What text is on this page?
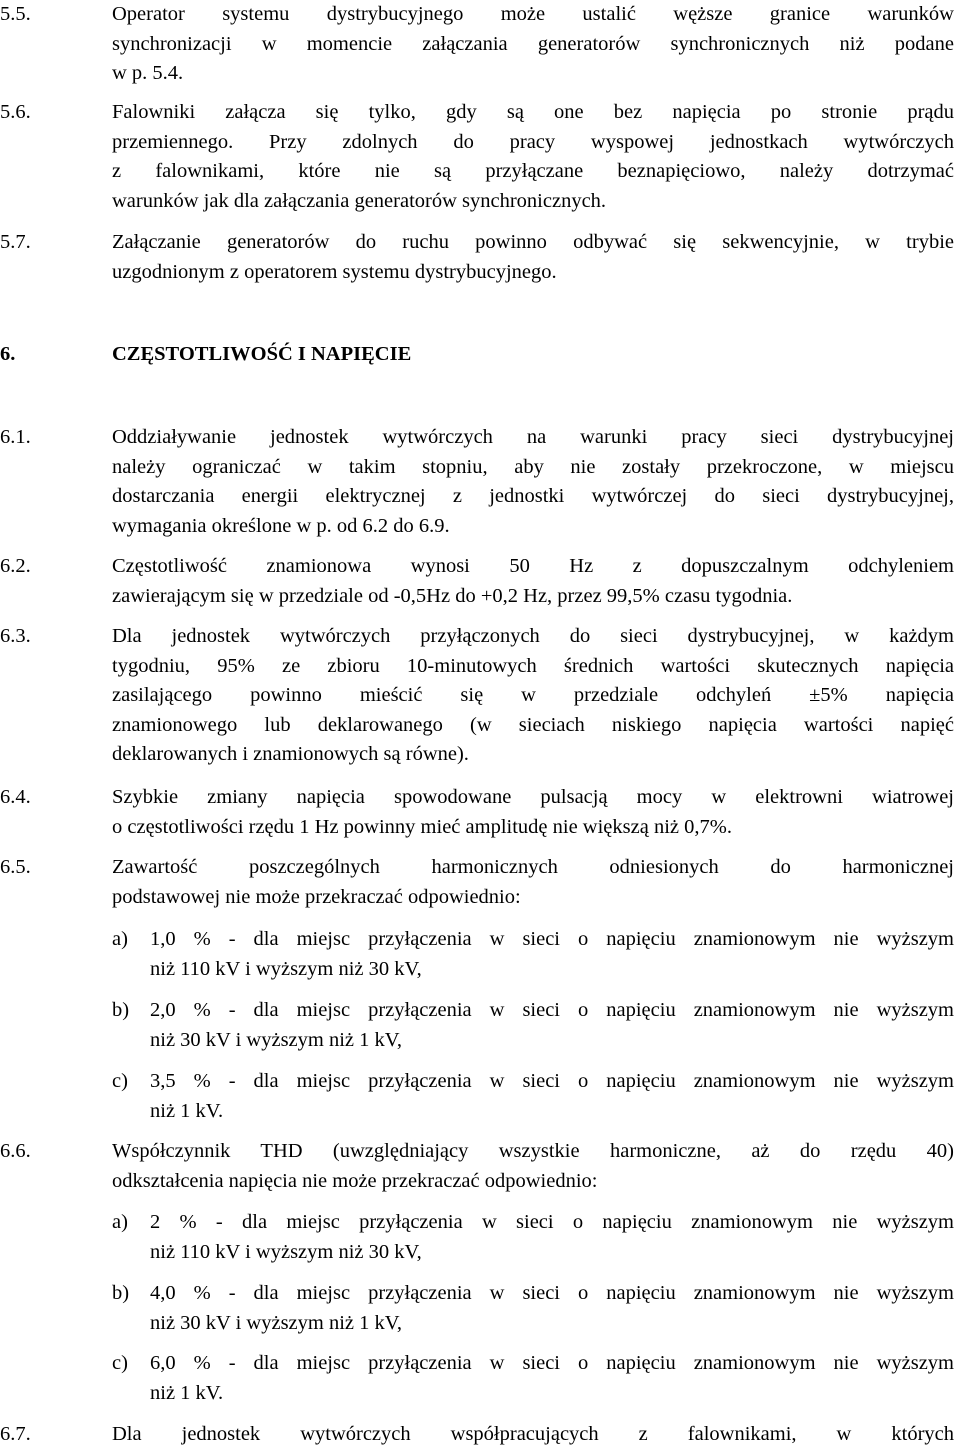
5.5.	Operator systemu dystrybucyjnego może ustalić węższe granice warunków
synchronizacji w momencie załączania generatorów synchronicznych niż podane
w p. 5.4.
5.6.	Falowniki załącza się tylko, gdy są one bez napięcia po stronie prądu
przemiennego. Przy zdolnych do pracy wyspowej jednostkach wytwórczych
z falownikami, które nie są przyłączane beznapięciowo, należy dotrzymać
warunków jak dla załączania generatorów synchronicznych.
5.7.	Załączanie generatorów do ruchu powinno odbywać się sekwencyjnie, w trybie
uzgodnionym z operatorem systemu dystrybucyjnego.
6.	CZĘSTOTLIWOŚĆ I NAPIĘCIE
6.1.	Oddziaływanie jednostek wytwórczych na warunki pracy sieci dystrybucyjnej
należy ograniczać w takim stopniu, aby nie zostały przekroczone, w miejscu
dostarczania energii elektrycznej z jednostki wytwórczej do sieci dystrybucyjnej,
wymagania określone w p. od 6.2 do 6.9.
6.2.	Częstotliwość znamionowa wynosi 50 Hz z dopuszczalnym odchyleniem
zawierającym się w przedziale od -0,5Hz do +0,2 Hz, przez 99,5% czasu tygodnia.
6.3.	Dla jednostek wytwórczych przyłączonych do sieci dystrybucyjnej, w każdym
tygodniu, 95% ze zbioru 10-minutowych średnich wartości skutecznych napięcia
zasilającego powinno mieścić się w przedziale odchyleń ±5% napięcia
znamionowego lub deklarowanego (w sieciach niskiego napięcia wartości napięć
deklarowanych i znamionowych są równe).
6.4.	Szybkie zmiany napięcia spowodowane pulsacją mocy w elektrowni wiatrowej
o częstotliwości rzędu 1 Hz powinny mieć amplitudę nie większą niż 0,7%.
6.5.	Zawartość poszczególnych harmonicznych odniesionych do harmonicznej
podstawowej nie może przekraczać odpowiednio:
a) 1,0 % - dla miejsc przyłączenia w sieci o napięciu znamionowym nie wyższym
niż 110 kV i wyższym niż 30 kV,
b) 2,0 % - dla miejsc przyłączenia w sieci o napięciu znamionowym nie wyższym
niż 30 kV i wyższym niż 1 kV,
c) 3,5 % - dla miejsc przyłączenia w sieci o napięciu znamionowym nie wyższym
niż 1 kV.
6.6.	Współczynnik THD (uwzględniający wszystkie harmoniczne, aż do rzędu 40)
odkształcenia napięcia nie może przekraczać odpowiednio:
a) 2 % - dla miejsc przyłączenia w sieci o napięciu znamionowym nie wyższym
niż 110 kV i wyższym niż 30 kV,
b) 4,0 % - dla miejsc przyłączenia w sieci o napięciu znamionowym nie wyższym
niż 30 kV i wyższym niż 1 kV,
c) 6,0 % - dla miejsc przyłączenia w sieci o napięciu znamionowym nie wyższym
niż 1 kV.
6.7.	Dla jednostek wytwórczych współpracujących z falownikami, w których
